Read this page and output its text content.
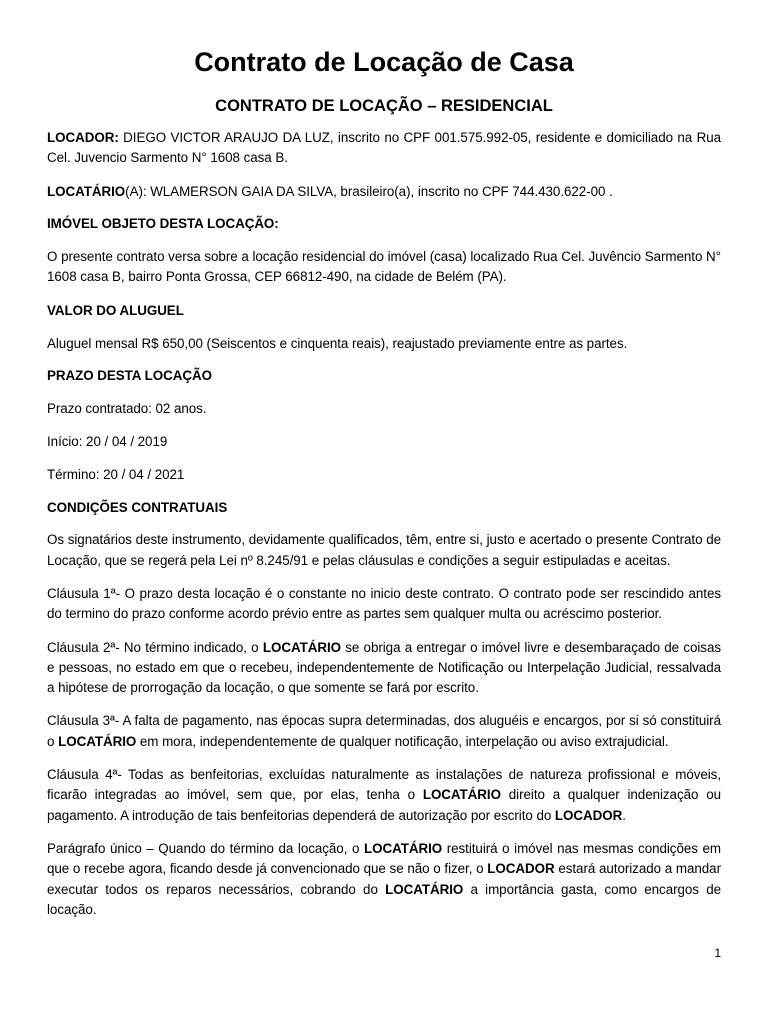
Contrato de Locação de Casa
CONTRATO DE LOCAÇÃO – RESIDENCIAL

LOCADOR: DIEGO VICTOR ARAUJO DA LUZ, inscrito no CPF 001.575.992-05, residente e domiciliado na Rua Cel. Juvencio Sarmento N° 1608 casa B.

LOCATÁRIO(A): WLAMERSON GAIA DA SILVA, brasileiro(a), inscrito no CPF 744.430.622-00 .

IMÓVEL OBJETO DESTA LOCAÇÃO:

O presente contrato versa sobre a locação residencial do imóvel (casa) localizado Rua Cel. Juvêncio Sarmento N° 1608 casa B, bairro Ponta Grossa, CEP 66812-490, na cidade de Belém (PA).

VALOR DO ALUGUEL

Aluguel mensal R$ 650,00 (Seiscentos e cinquenta reais), reajustado previamente entre as partes.

PRAZO DESTA LOCAÇÃO

Prazo contratado: 02 anos.

Início: 20 / 04 / 2019

Término: 20 / 04 / 2021

CONDIÇÕES CONTRATUAIS

Os signatários deste instrumento, devidamente qualificados, têm, entre si, justo e acertado o presente Contrato de Locação, que se regerá pela Lei nº 8.245/91 e pelas cláusulas e condições a seguir estipuladas e aceitas.

Cláusula 1ª- O prazo desta locação é o constante no inicio deste contrato. O contrato pode ser rescindido antes do termino do prazo conforme acordo prévio entre as partes sem qualquer multa ou acréscimo posterior.

Cláusula 2ª- No término indicado, o LOCATÁRIO se obriga a entregar o imóvel livre e desembaraçado de coisas e pessoas, no estado em que o recebeu, independentemente de Notificação ou Interpelação Judicial, ressalvada a hipótese de prorrogação da locação, o que somente se fará por escrito.

Cláusula 3ª- A falta de pagamento, nas épocas supra determinadas, dos aluguéis e encargos, por si só constituirá o LOCATÁRIO em mora, independentemente de qualquer notificação, interpelação ou aviso extrajudicial.

Cláusula 4ª- Todas as benfeitorias, excluídas naturalmente as instalações de natureza profissional e móveis, ficarão integradas ao imóvel, sem que, por elas, tenha o LOCATÁRIO direito a qualquer indenização ou pagamento. A introdução de tais benfeitorias dependerá de autorização por escrito do LOCADOR.

Parágrafo único – Quando do término da locação, o LOCATÁRIO restituirá o imóvel nas mesmas condições em que o recebe agora, ficando desde já convencionado que se não o fizer, o LOCADOR estará autorizado a mandar executar todos os reparos necessários, cobrando do LOCATÁRIO a importância gasta, como encargos de locação.

1
